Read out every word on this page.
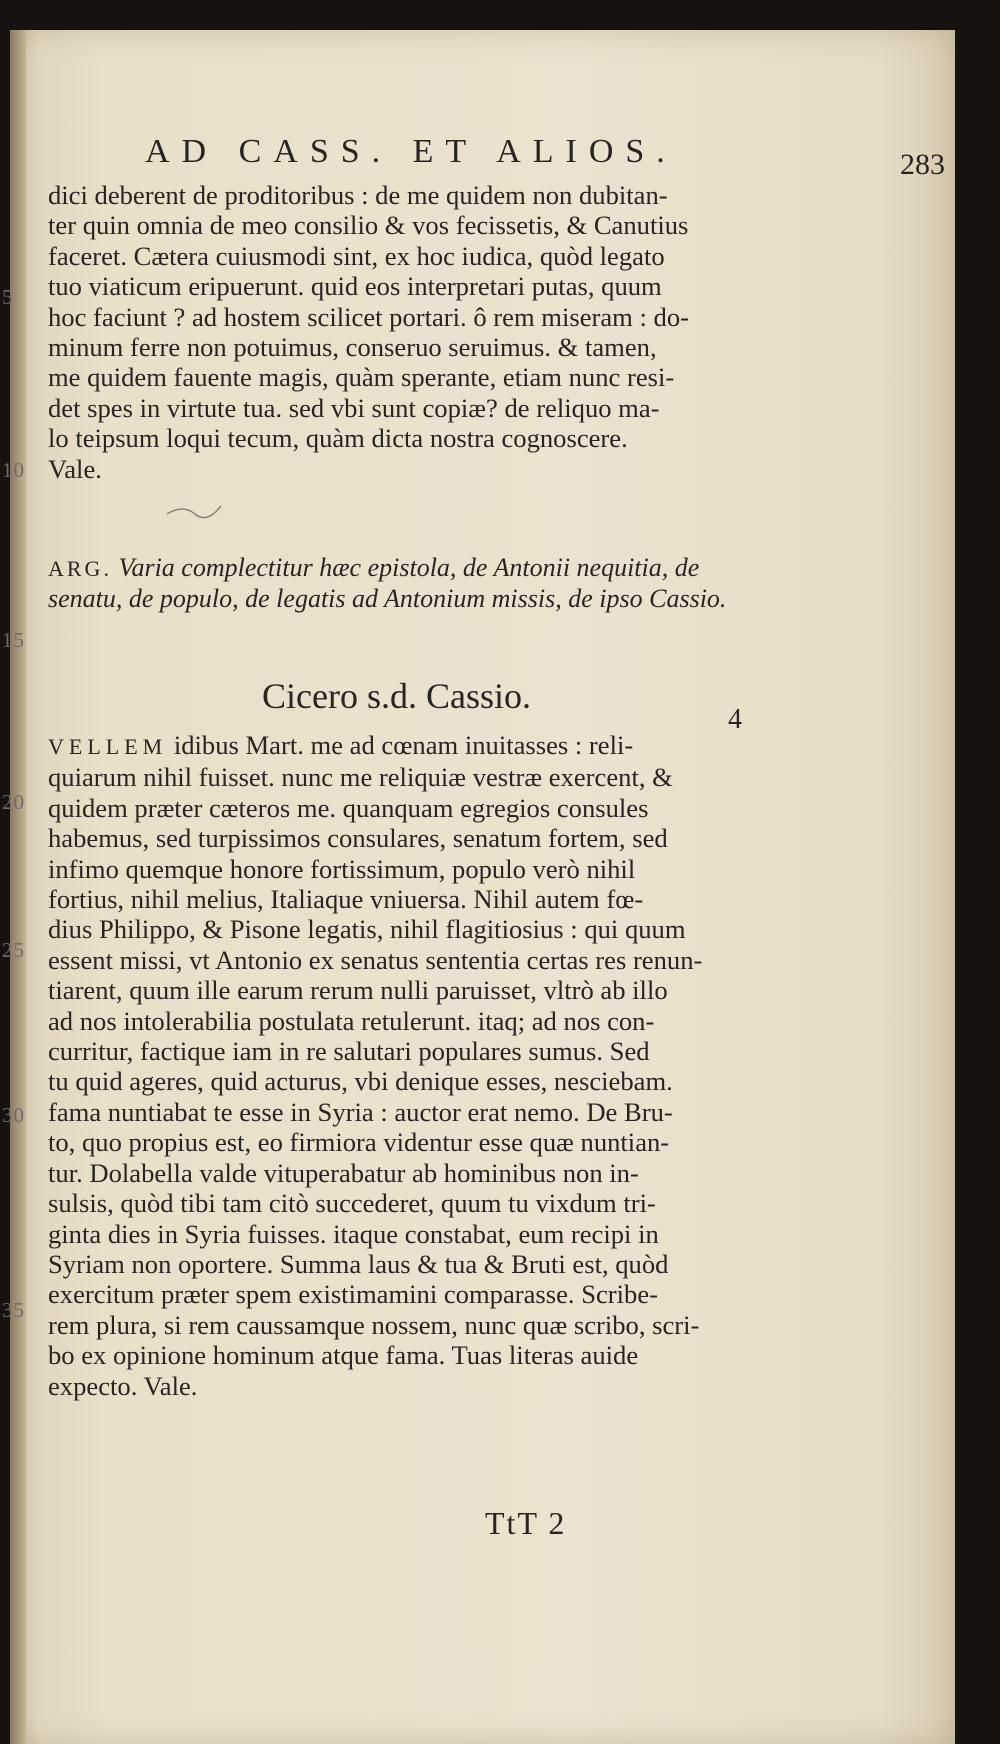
AD CASS. ET ALIOS.	283

dici deberent de proditoribus : de me quidem non dubitan-

ter quin omnia de meo consilio & vos fecissetis, & Canutius

faceret. Cætera cuiusmodi sint, ex hoc iudica, quòd legato

tuo viaticum eripuerunt. quid eos interpretari putas, quum

hoc faciunt ? ad hostem scilicet portari. ô rem miseram : do-

minum ferre non potuimus, conseruo seruimus. & tamen,

me quidem fauente magis, quàm sperante, etiam nunc resi-

det spes in virtute tua. sed vbi sunt copiæ? de reliquo ma-

lo teipsum loqui tecum, quàm dicta nostra cognoscere.

Vale.

ARG. Varia complectitur hæc epistola, de Antonii nequitia, de senatu, de populo, de legatis ad Antonium missis, de ipso Cassio.
Cicero s.d. Cassio.
4

VELLEM idibus Mart. me ad cœnam inuitasses : reli-

quiarum nihil fuisset. nunc me reliquiæ vestræ exercent, &

quidem præter cæteros me. quanquam egregios consules

habemus, sed turpissimos consulares, senatum fortem, sed

infimo quemque honore fortissimum, populo verò nihil

fortius, nihil melius, Italiaque vniuersa. Nihil autem fœ-

dius Philippo, & Pisone legatis, nihil flagitiosius : qui quum

essent missi, vt Antonio ex senatus sententia certas res renun-

tiarent, quum ille earum rerum nulli paruisset, vltrò ab illo

ad nos intolerabilia postulata retulerunt. itaq; ad nos con-

curritur, factique iam in re salutari populares sumus. Sed

tu quid ageres, quid acturus, vbi denique esses, nesciebam.

fama nuntiabat te esse in Syria : auctor erat nemo. De Bru-

to, quo propius est, eo firmiora videntur esse quæ nuntian-

tur. Dolabella valde vituperabatur ab hominibus non in-

sulsis, quòd tibi tam citò succederet, quum tu vixdum tri-

ginta dies in Syria fuisses. itaque constabat, eum recipi in

Syriam non oportere. Summa laus & tua & Bruti est, quòd

exercitum præter spem existimamini comparasse. Scribe-

rem plura, si rem caussamque nossem, nunc quæ scribo, scri-

bo ex opinione hominum atque fama. Tuas literas auide

expecto. Vale.

TtT 2
5
10
15
20
25
30
35
